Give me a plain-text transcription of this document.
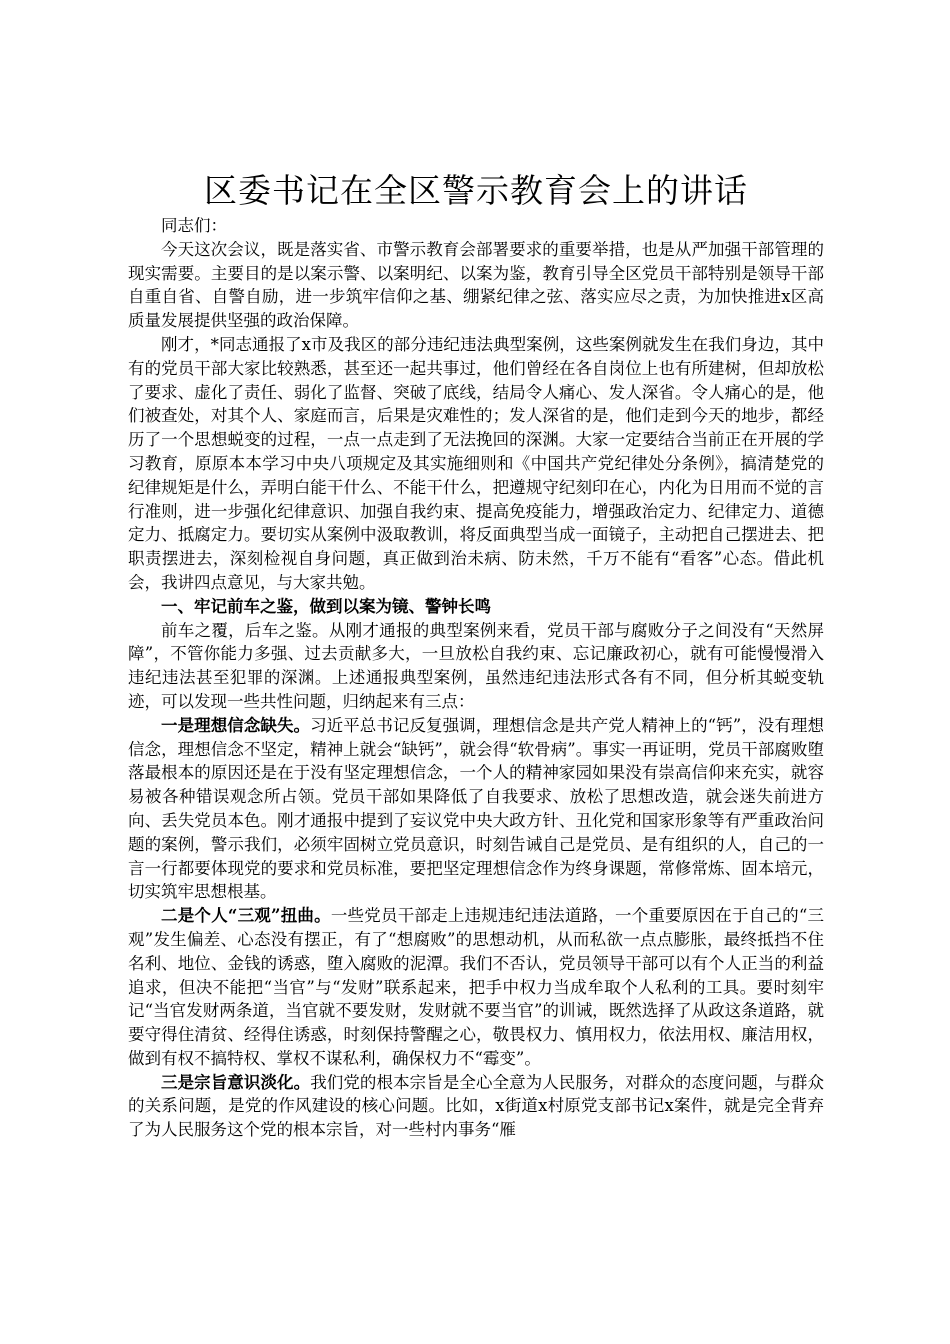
区委书记在全区警示教育会上的讲话

同志们：

今天这次会议，既是落实省、市警示教育会部署要求的重要举措，也是从严加强干部管理的现实需要。主要目的是以案示警、以案明纪、以案为鉴，教育引导全区党员干部特别是领导干部自重自省、自警自励，进一步筑牢信仰之基、绷紧纪律之弦、落实应尽之责，为加快推进x区高质量发展提供坚强的政治保障。

刚才，*同志通报了x市及我区的部分违纪违法典型案例，这些案例就发生在我们身边，其中有的党员干部大家比较熟悉，甚至还一起共事过，他们曾经在各自岗位上也有所建树，但却放松了要求、虚化了责任、弱化了监督、突破了底线，结局令人痛心、发人深省。令人痛心的是，他们被查处，对其个人、家庭而言，后果是灾难性的；发人深省的是，他们走到今天的地步，都经历了一个思想蜕变的过程，一点一点走到了无法挽回的深渊。大家一定要结合当前正在开展的学习教育，原原本本学习中央八项规定及其实施细则和《中国共产党纪律处分条例》，搞清楚党的纪律规矩是什么，弄明白能干什么、不能干什么，把遵规守纪刻印在心，内化为日用而不觉的言行准则，进一步强化纪律意识、加强自我约束、提高免疫能力，增强政治定力、纪律定力、道德定力、抵腐定力。要切实从案例中汲取教训，将反面典型当成一面镜子，主动把自己摆进去、把职责摆进去，深刻检视自身问题，真正做到治未病、防未然，千万不能有“看客”心态。借此机会，我讲四点意见，与大家共勉。

一、牢记前车之鉴，做到以案为镜、警钟长鸣

前车之覆，后车之鉴。从刚才通报的典型案例来看，党员干部与腐败分子之间没有“天然屏障”，不管你能力多强、过去贡献多大，一旦放松自我约束、忘记廉政初心，就有可能慢慢滑入违纪违法甚至犯罪的深渊。上述通报典型案例，虽然违纪违法形式各有不同，但分析其蜕变轨迹，可以发现一些共性问题，归纳起来有三点：

一是理想信念缺失。习近平总书记反复强调，理想信念是共产党人精神上的“钙”，没有理想信念，理想信念不坚定，精神上就会“缺钙”，就会得“软骨病”。事实一再证明，党员干部腐败堕落最根本的原因还是在于没有坚定理想信念，一个人的精神家园如果没有崇高信仰来充实，就容易被各种错误观念所占领。党员干部如果降低了自我要求、放松了思想改造，就会迷失前进方向、丢失党员本色。刚才通报中提到了妄议党中央大政方针、丑化党和国家形象等有严重政治问题的案例，警示我们，必须牢固树立党员意识，时刻告诫自己是党员、是有组织的人，自己的一言一行都要体现党的要求和党员标准，要把坚定理想信念作为终身课题，常修常炼、固本培元，切实筑牢思想根基。

二是个人“三观”扭曲。一些党员干部走上违规违纪违法道路，一个重要原因在于自己的“三观”发生偏差、心态没有摆正，有了“想腐败”的思想动机，从而私欲一点点膨胀，最终抵挡不住名利、地位、金钱的诱惑，堕入腐败的泥潭。我们不否认，党员领导干部可以有个人正当的利益追求，但决不能把“当官”与“发财”联系起来，把手中权力当成牟取个人私利的工具。要时刻牢记“当官发财两条道，当官就不要发财，发财就不要当官”的训诫，既然选择了从政这条道路，就要守得住清贫、经得住诱惑，时刻保持警醒之心，敬畏权力、慎用权力，依法用权、廉洁用权，做到有权不搞特权、掌权不谋私利，确保权力不“霉变”。

三是宗旨意识淡化。我们党的根本宗旨是全心全意为人民服务，对群众的态度问题，与群众的关系问题，是党的作风建设的核心问题。比如，x街道x村原党支部书记x案件，就是完全背弃了为人民服务这个党的根本宗旨，对一些村内事务“雁
